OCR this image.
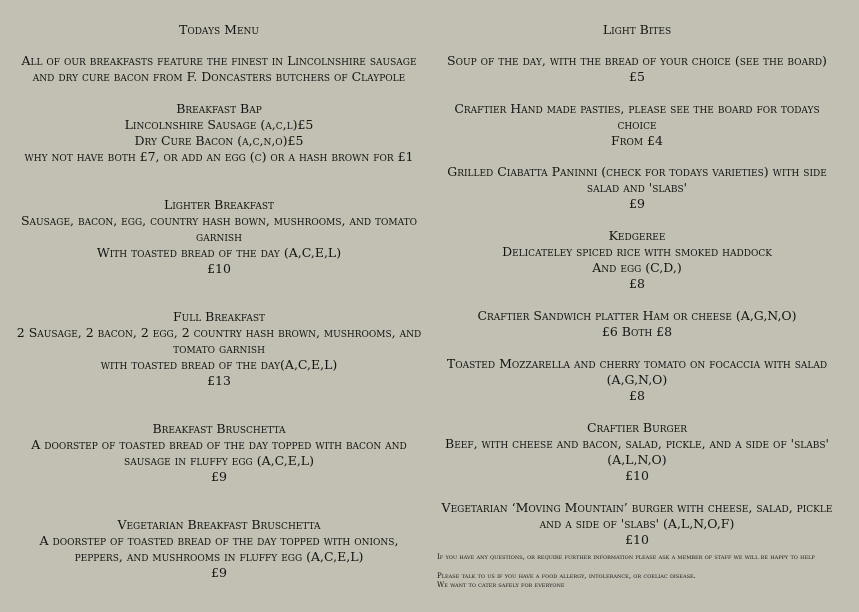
Todays Menu

All of our breakfasts feature the finest in Lincolnshire sausage

and dry cure bacon from F. Doncasters butchers of Claypole

Breakfast Bap

Lincolnshire Sausage (a,c,l)£5

Dry Cure Bacon (a,c,n,o)£5

why not have both £7, or add an egg (c) or a hash brown for £1

Lighter Breakfast

Sausage, bacon, egg, country hash bown, mushrooms, and tomato

garnish

With toasted bread of the day (A,C,E,L)

£10

Full Breakfast

2 Sausage, 2 bacon, 2 egg, 2 country hash brown, mushrooms, and

tomato garnish

with toasted bread of the day(A,C,E,L)

£13

Breakfast Bruschetta

A doorstep of toasted bread of the day topped with bacon and

sausage in fluffy egg (A,C,E,L)

£9

Vegetarian Breakfast Bruschetta

A doorstep of toasted bread of the day topped with onions,

peppers, and mushrooms in fluffy egg (A,C,E,L)

£9

Light Bites

Soup of the day, with the bread of your choice (see the board)

£5

Craftier Hand made pasties, please see the board for todays

choice

From £4

Grilled Ciabatta Paninni (check for todays varieties) with side

salad and 'slabs'

£9

Kedgeree

Delicateley spiced rice with smoked haddock

And egg (C,D,)

£8

Craftier Sandwich platter Ham or cheese (A,G,N,O)

£6 Both £8

Toasted Mozzarella and cherry tomato on focaccia with salad

(A,G,N,O)

£8

Craftier Burger

Beef, with cheese and bacon, salad, pickle, and a side of 'slabs'

(A,L,N,O)

£10

Vegetarian ‘Moving Mountain’ burger with cheese, salad, pickle

and a side of 'slabs' (A,L,N,O,F)

£10

If you have any questions, or require further information please ask a member of staff we will be happy to help

Please talk to us if you have a food allergy, intolerance, or coeliac disease.

We want to cater safely for everyone
